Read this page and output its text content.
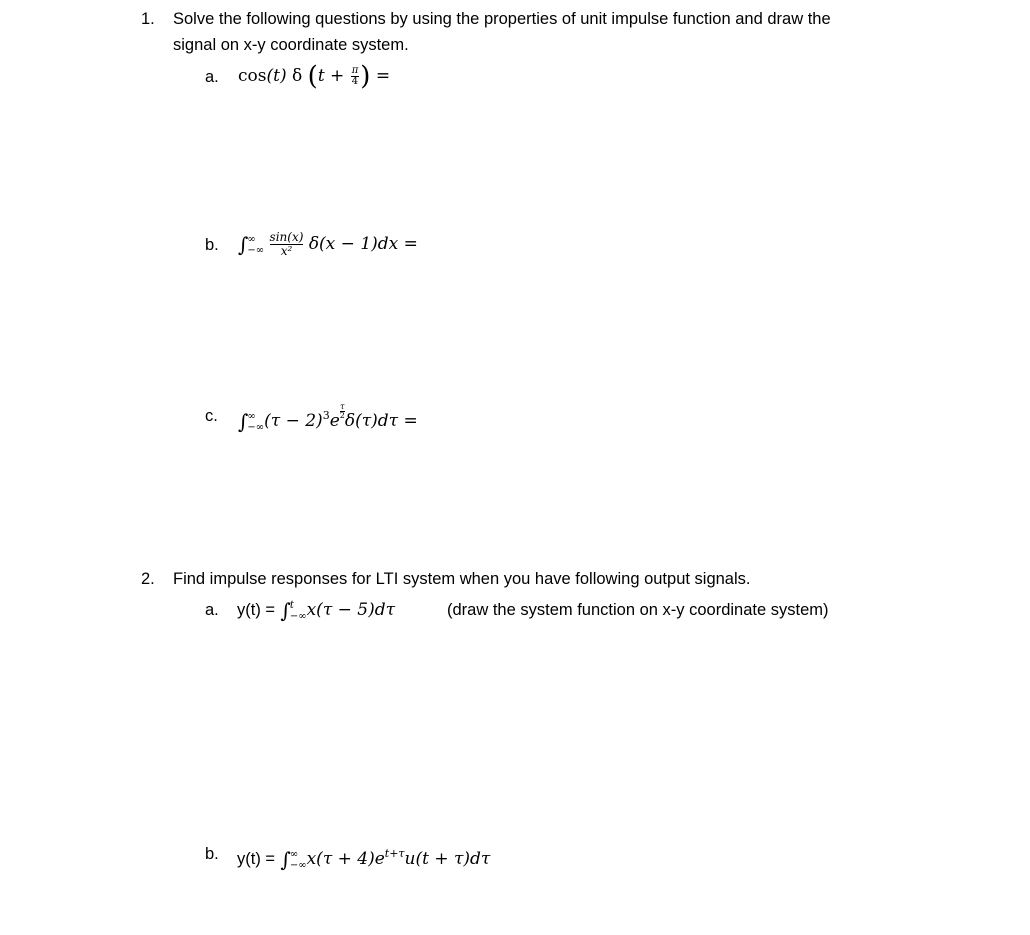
1. Solve the following questions by using the properties of unit impulse function and draw the
signal on x-y coordinate system.
a. cos(t) δ ($t + \frac{\pi}{4}$ ) =
b. ∫ ∞
−∞
$\frac{\sin(x)}{\text{x²}} \delta(x - 1)dx$ =
c. ∫ ∞
−∞ $(\tau - 2)^3e \frac{\tau}{2} \delta(\tau)d\tau$ =
2. Find impulse responses for LTI system when you have following output signals.
a. y(t) = ∫ t
−∞ x(τ − 5)dτ	(draw the system function on x-y coordinate system)
b. y(t) = ∫ ∞
−∞ $x(\tau + 4)e^{t+\tau}u(t + \tau)d\tau$
